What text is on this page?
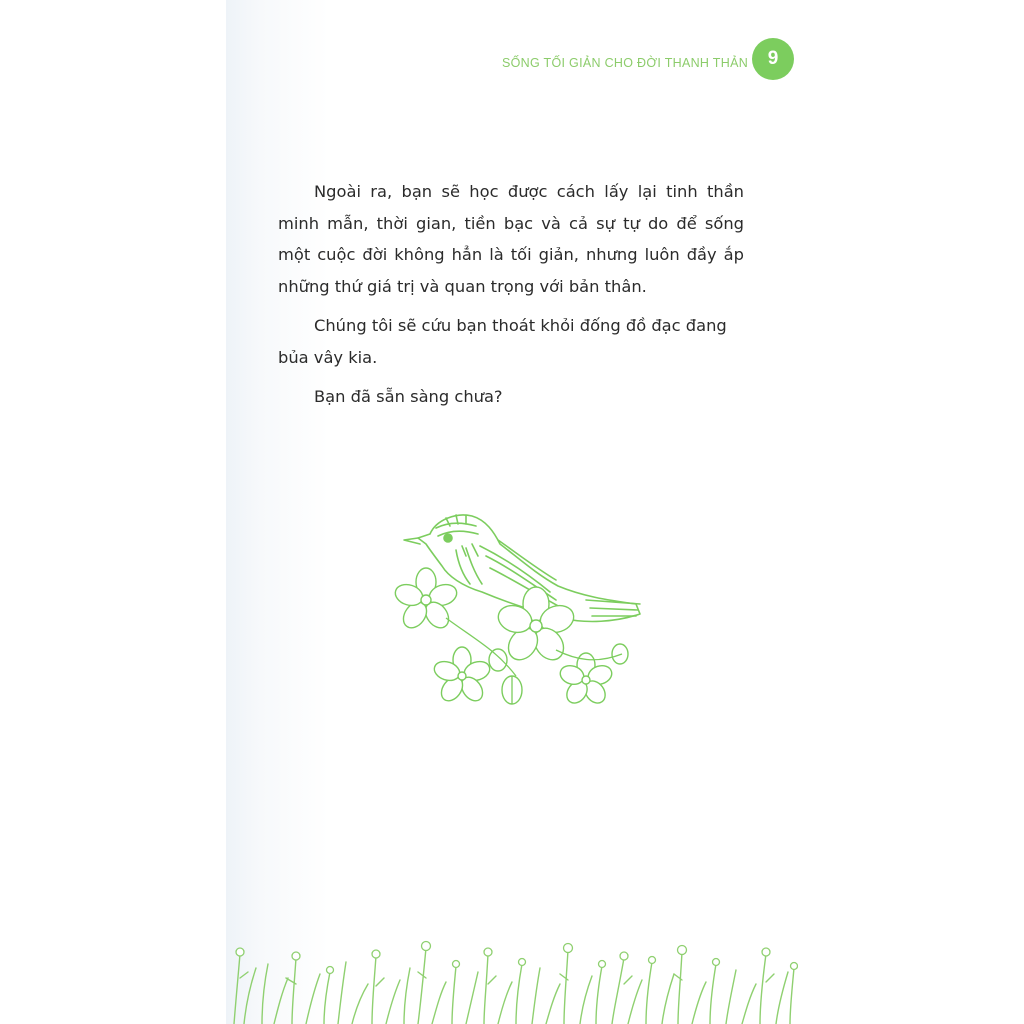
SỐNG TỐI GIẢN CHO ĐỜI THANH THẢN	9

Ngoài ra, bạn sẽ học được cách lấy lại tinh thần minh mẫn, thời gian, tiền bạc và cả sự tự do để sống một cuộc đời không hẳn là tối giản, nhưng luôn đầy ắp những thứ giá trị và quan trọng với bản thân.

Chúng tôi sẽ cứu bạn thoát khỏi đống đồ đạc đang bủa vây kia.

Bạn đã sẵn sàng chưa?
